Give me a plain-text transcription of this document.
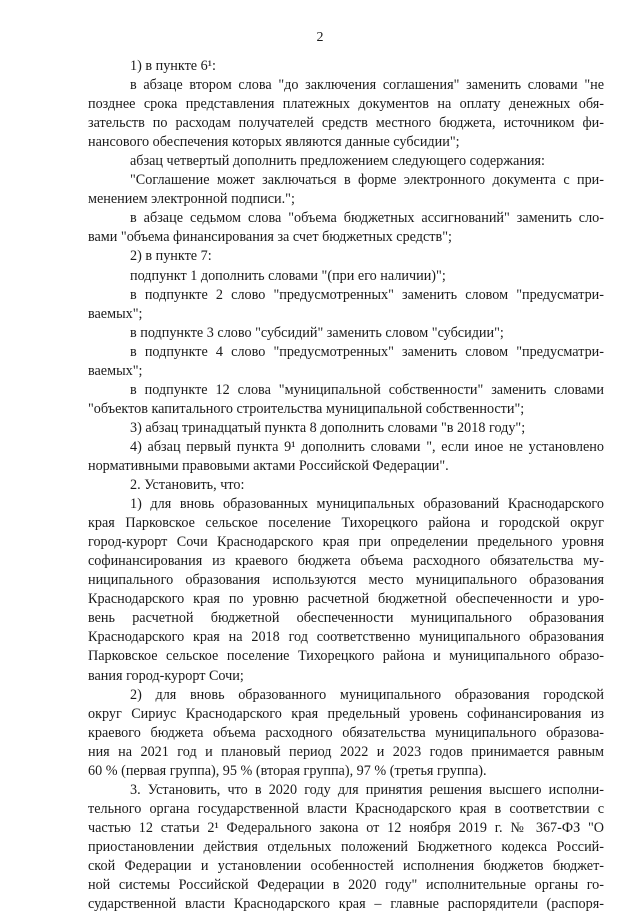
2
1) в пункте 6¹:
в абзаце втором слова "до заключения соглашения" заменить словами "не
позднее срока представления платежных документов на оплату денежных обя-
зательств по расходам получателей средств местного бюджета, источником фи-
нансового обеспечения которых являются данные субсидии";
абзац четвертый дополнить предложением следующего содержания:
"Соглашение может заключаться в форме электронного документа с при-
менением электронной подписи.";
в абзаце седьмом слова "объема бюджетных ассигнований" заменить сло-
вами "объема финансирования за счет бюджетных средств";
2) в пункте 7:
подпункт 1 дополнить словами "(при его наличии)";
в подпункте 2 слово "предусмотренных" заменить словом "предусматри-
ваемых";
в подпункте 3 слово "субсидий" заменить словом "субсидии";
в подпункте 4 слово "предусмотренных" заменить словом "предусматри-
ваемых";
в подпункте 12 слова "муниципальной собственности" заменить словами
"объектов капитального строительства муниципальной собственности";
3) абзац тринадцатый пункта 8 дополнить словами "в 2018 году";
4) абзац первый пункта 9¹ дополнить словами ", если иное не установлено
нормативными правовыми актами Российской Федерации".
2. Установить, что:
1) для вновь образованных муниципальных образований Краснодарского
края Парковское сельское поселение Тихорецкого района и городской округ
город-курорт Сочи Краснодарского края при определении предельного уровня
софинансирования из краевого бюджета объема расходного обязательства му-
ниципального образования используются место муниципального образования
Краснодарского края по уровню расчетной бюджетной обеспеченности и уро-
вень расчетной бюджетной обеспеченности муниципального образования
Краснодарского края на 2018 год соответственно муниципального образования
Парковское сельское поселение Тихорецкого района и муниципального образо-
вания город-курорт Сочи;
2) для вновь образованного муниципального образования городской
округ Сириус Краснодарского края предельный уровень софинансирования из
краевого бюджета объема расходного обязательства муниципального образова-
ния на 2021 год и плановый период 2022 и 2023 годов принимается равным
60 % (первая группа), 95 % (вторая группа), 97 % (третья группа).
3. Установить, что в 2020 году для принятия решения высшего исполни-
тельного органа государственной власти Краснодарского края в соответствии с
частью 12 статьи 2¹ Федерального закона от 12 ноября 2019 г. № 367-ФЗ "О
приостановлении действия отдельных положений Бюджетного кодекса Россий-
ской Федерации и установлении особенностей исполнения бюджетов бюджет-
ной системы Российской Федерации в 2020 году" исполнительные органы го-
сударственной власти Краснодарского края – главные распорядители (распоря-
